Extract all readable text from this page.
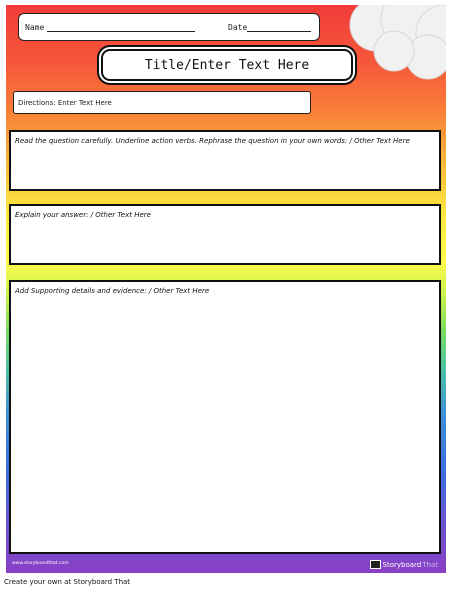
Name	Date
Title/Enter Text Here
Directions: Enter Text Here
Read the question carefully. Underline action verbs. Rephrase the question in your own words: / Other Text Here
Explain your answer: / Other Text Here
Add Supporting details and evidence: / Other Text Here
www.storyboardthat.com	Storyboard That
Create your own at Storyboard That
